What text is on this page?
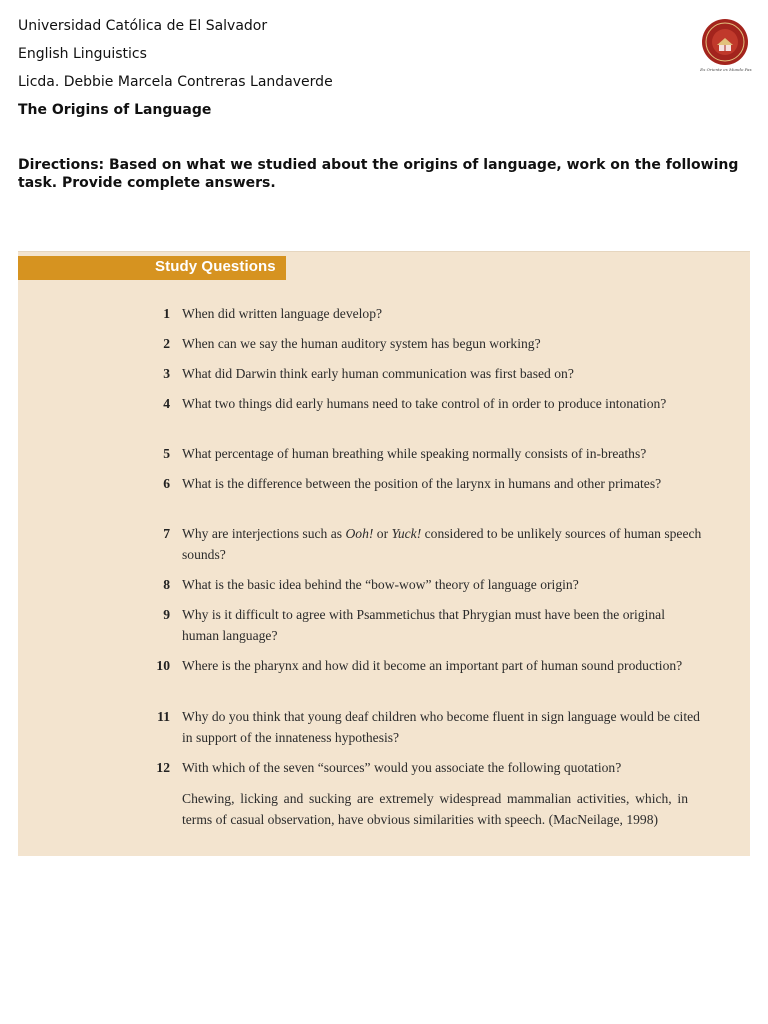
Universidad Católica de El Salvador
English Linguistics
Licda. Debbie Marcela Contreras Landaverde
The Origins of Language
Ex Oriente ex Mundo Pax
Directions: Based on what we studied about the origins of language, work on the following task. Provide complete answers.
Study Questions
1 When did written language develop?
2 When can we say the human auditory system has begun working?
3 What did Darwin think early human communication was first based on?
4 What two things did early humans need to take control of in order to produce intonation?
5 What percentage of human breathing while speaking normally consists of in-breaths?
6 What is the difference between the position of the larynx in humans and other primates?
7 Why are interjections such as Ooh! or Yuck! considered to be unlikely sources of human speech sounds?
8 What is the basic idea behind the “bow-wow” theory of language origin?
9 Why is it difficult to agree with Psammetichus that Phrygian must have been the original human language?
10 Where is the pharynx and how did it become an important part of human sound production?
11 Why do you think that young deaf children who become fluent in sign language would be cited in support of the innateness hypothesis?
12 With which of the seven “sources” would you associate the following quotation?
Chewing, licking and sucking are extremely widespread mammalian activities, which, in terms of casual observation, have obvious similarities with speech. (MacNeilage, 1998)
